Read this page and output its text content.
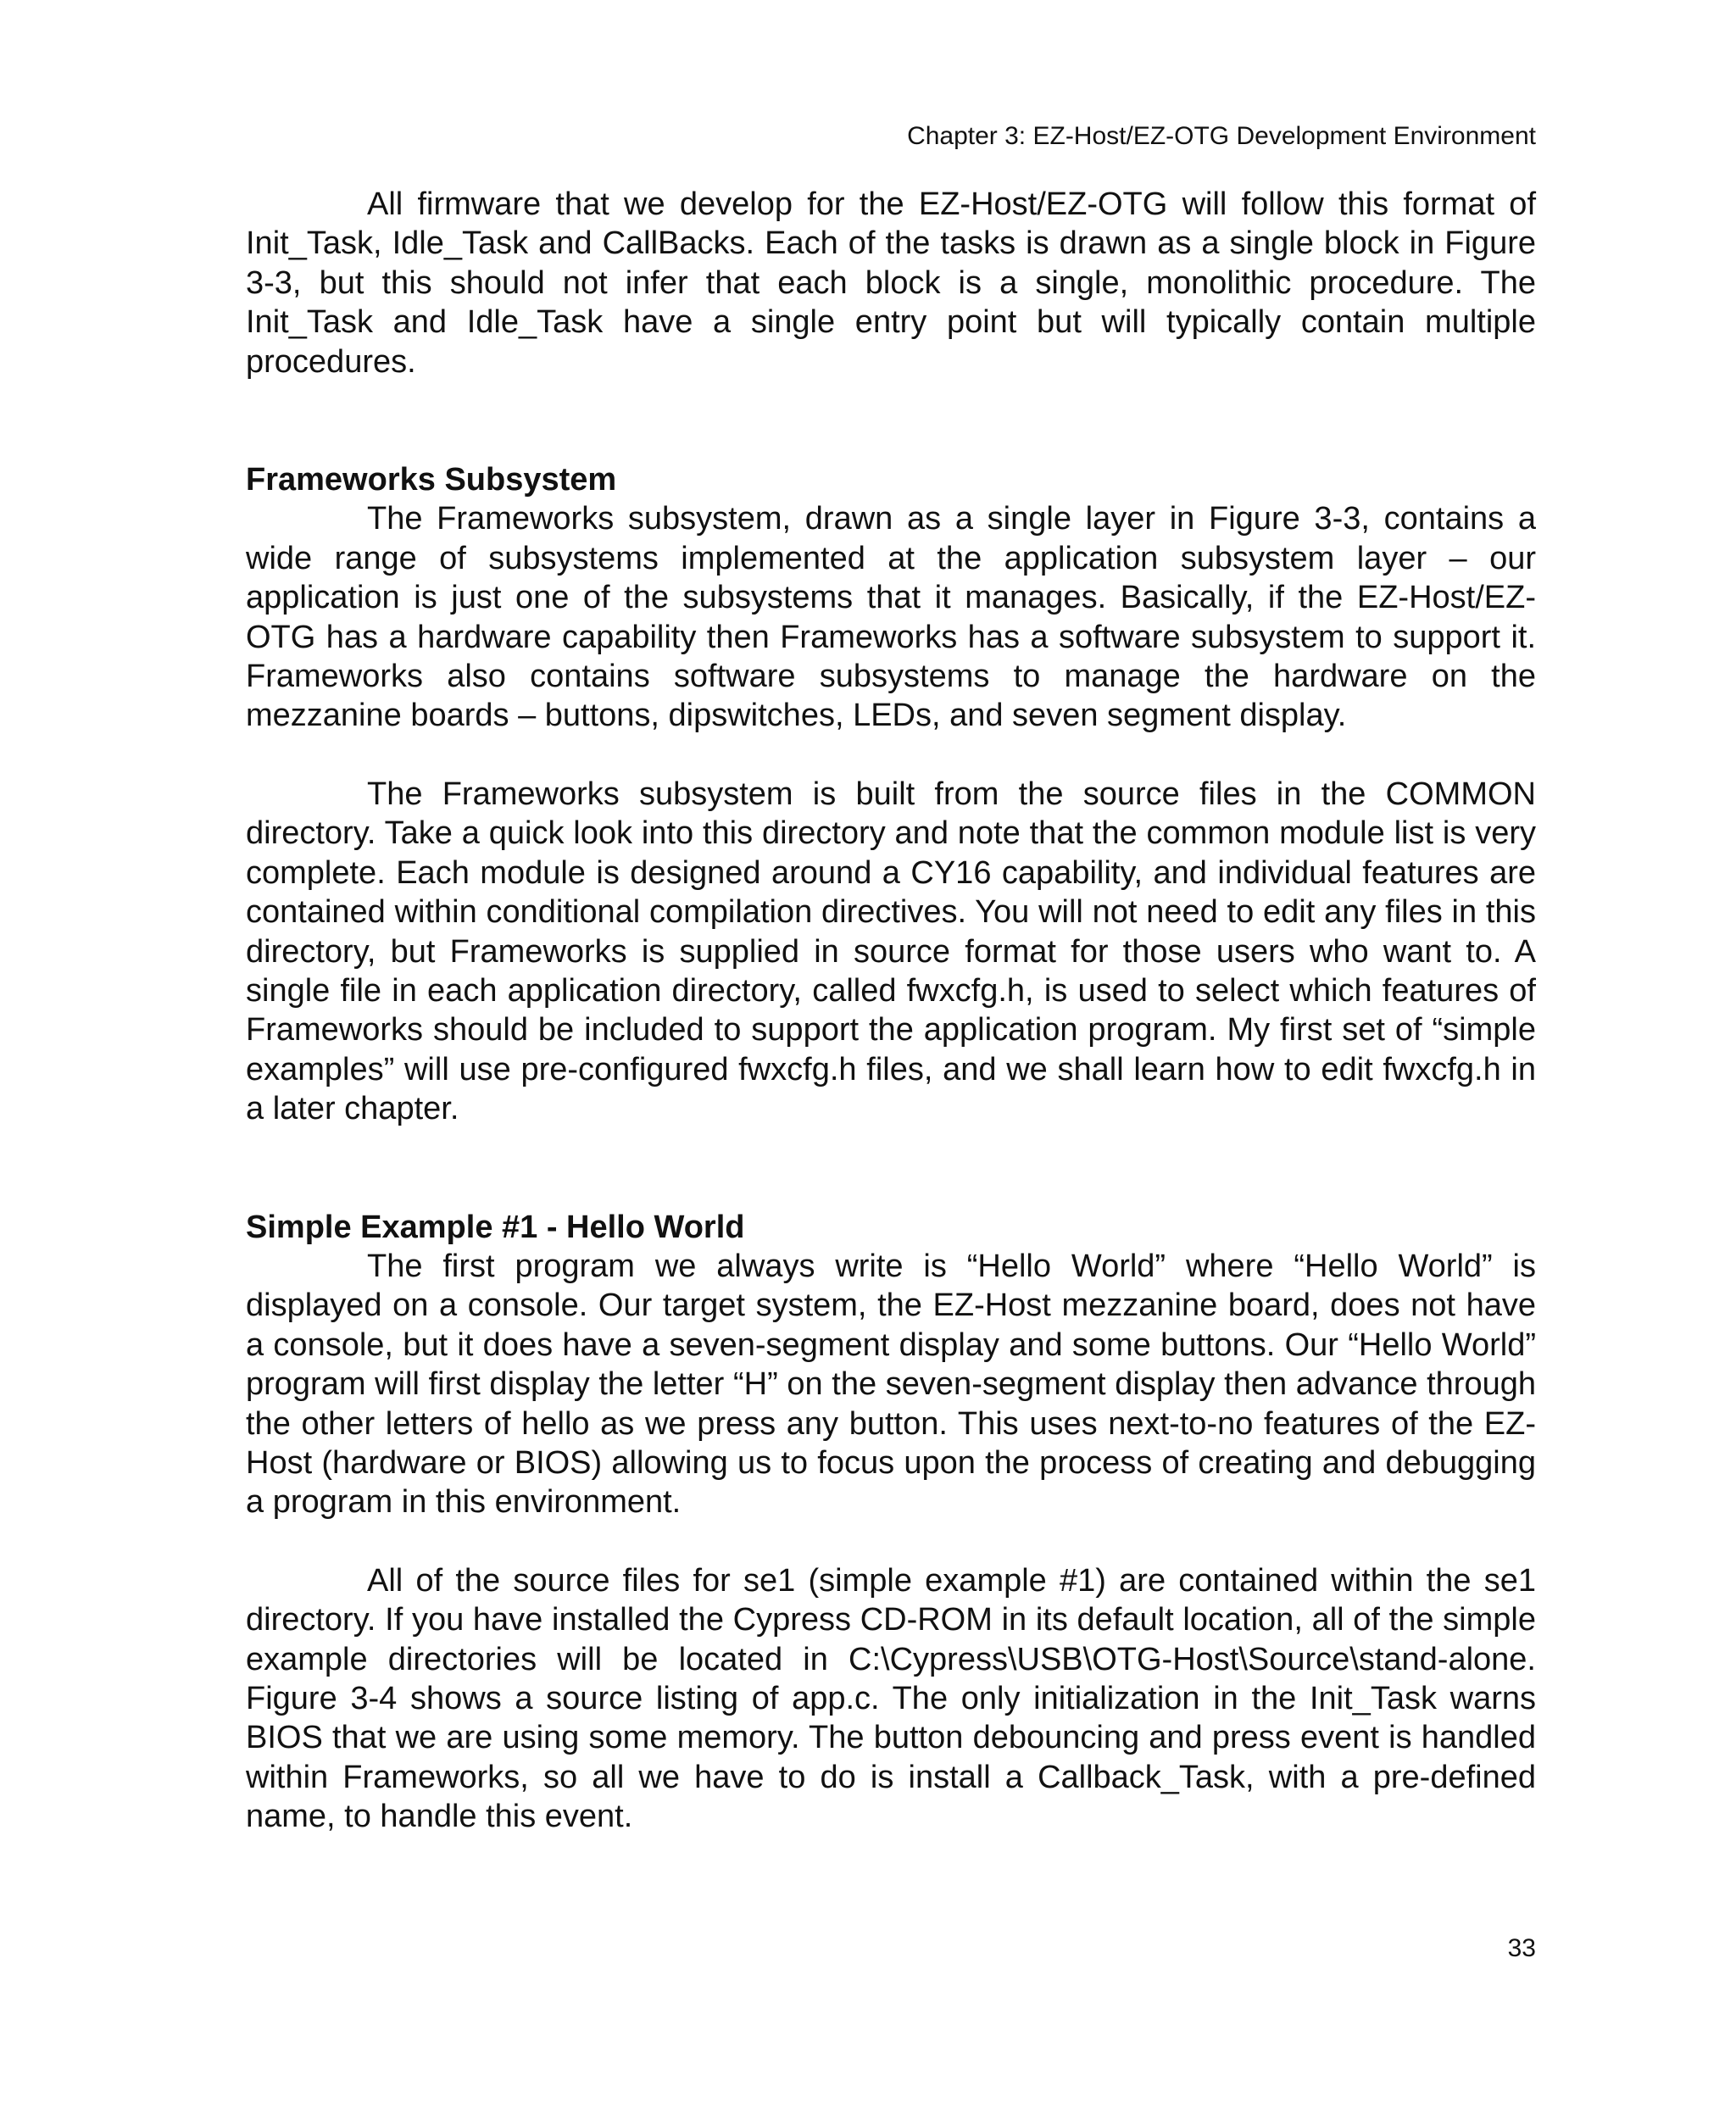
Chapter 3: EZ-Host/EZ-OTG Development Environment

All firmware that we develop for the EZ-Host/EZ-OTG will follow this format of Init_Task, Idle_Task and CallBacks. Each of the tasks is drawn as a single block in Figure 3-3, but this should not infer that each block is a single, monolithic procedure. The Init_Task and Idle_Task have a single entry point but will typically contain multiple procedures.

Frameworks Subsystem

The Frameworks subsystem, drawn as a single layer in Figure 3-3, contains a wide range of subsystems implemented at the application subsystem layer – our application is just one of the subsystems that it manages. Basically, if the EZ-Host/EZ-OTG has a hardware capability then Frameworks has a software subsystem to support it. Frameworks also contains software subsystems to manage the hardware on the mezzanine boards – buttons, dipswitches, LEDs, and seven segment display.

The Frameworks subsystem is built from the source files in the COMMON directory. Take a quick look into this directory and note that the common module list is very complete. Each module is designed around a CY16 capability, and individual features are contained within conditional compilation directives. You will not need to edit any files in this directory, but Frameworks is supplied in source format for those users who want to. A single file in each application directory, called fwxcfg.h, is used to select which features of Frameworks should be included to support the application program. My first set of “simple examples” will use pre-configured fwxcfg.h files, and we shall learn how to edit fwxcfg.h in a later chapter.

Simple Example #1 - Hello World

The first program we always write is “Hello World” where “Hello World” is displayed on a console. Our target system, the EZ-Host mezzanine board, does not have a console, but it does have a seven-segment display and some buttons. Our “Hello World” program will first display the letter “H” on the seven-segment display then advance through the other letters of hello as we press any button. This uses next-to-no features of the EZ-Host (hardware or BIOS) allowing us to focus upon the process of creating and debugging a program in this environment.

All of the source files for se1 (simple example #1) are contained within the se1 directory. If you have installed the Cypress CD-ROM in its default location, all of the simple example directories will be located in C:\Cypress\USB\OTG-Host\Source\stand-alone. Figure 3-4 shows a source listing of app.c. The only initialization in the Init_Task warns BIOS that we are using some memory. The button debouncing and press event is handled within Frameworks, so all we have to do is install a Callback_Task, with a pre-defined name, to handle this event.

33
